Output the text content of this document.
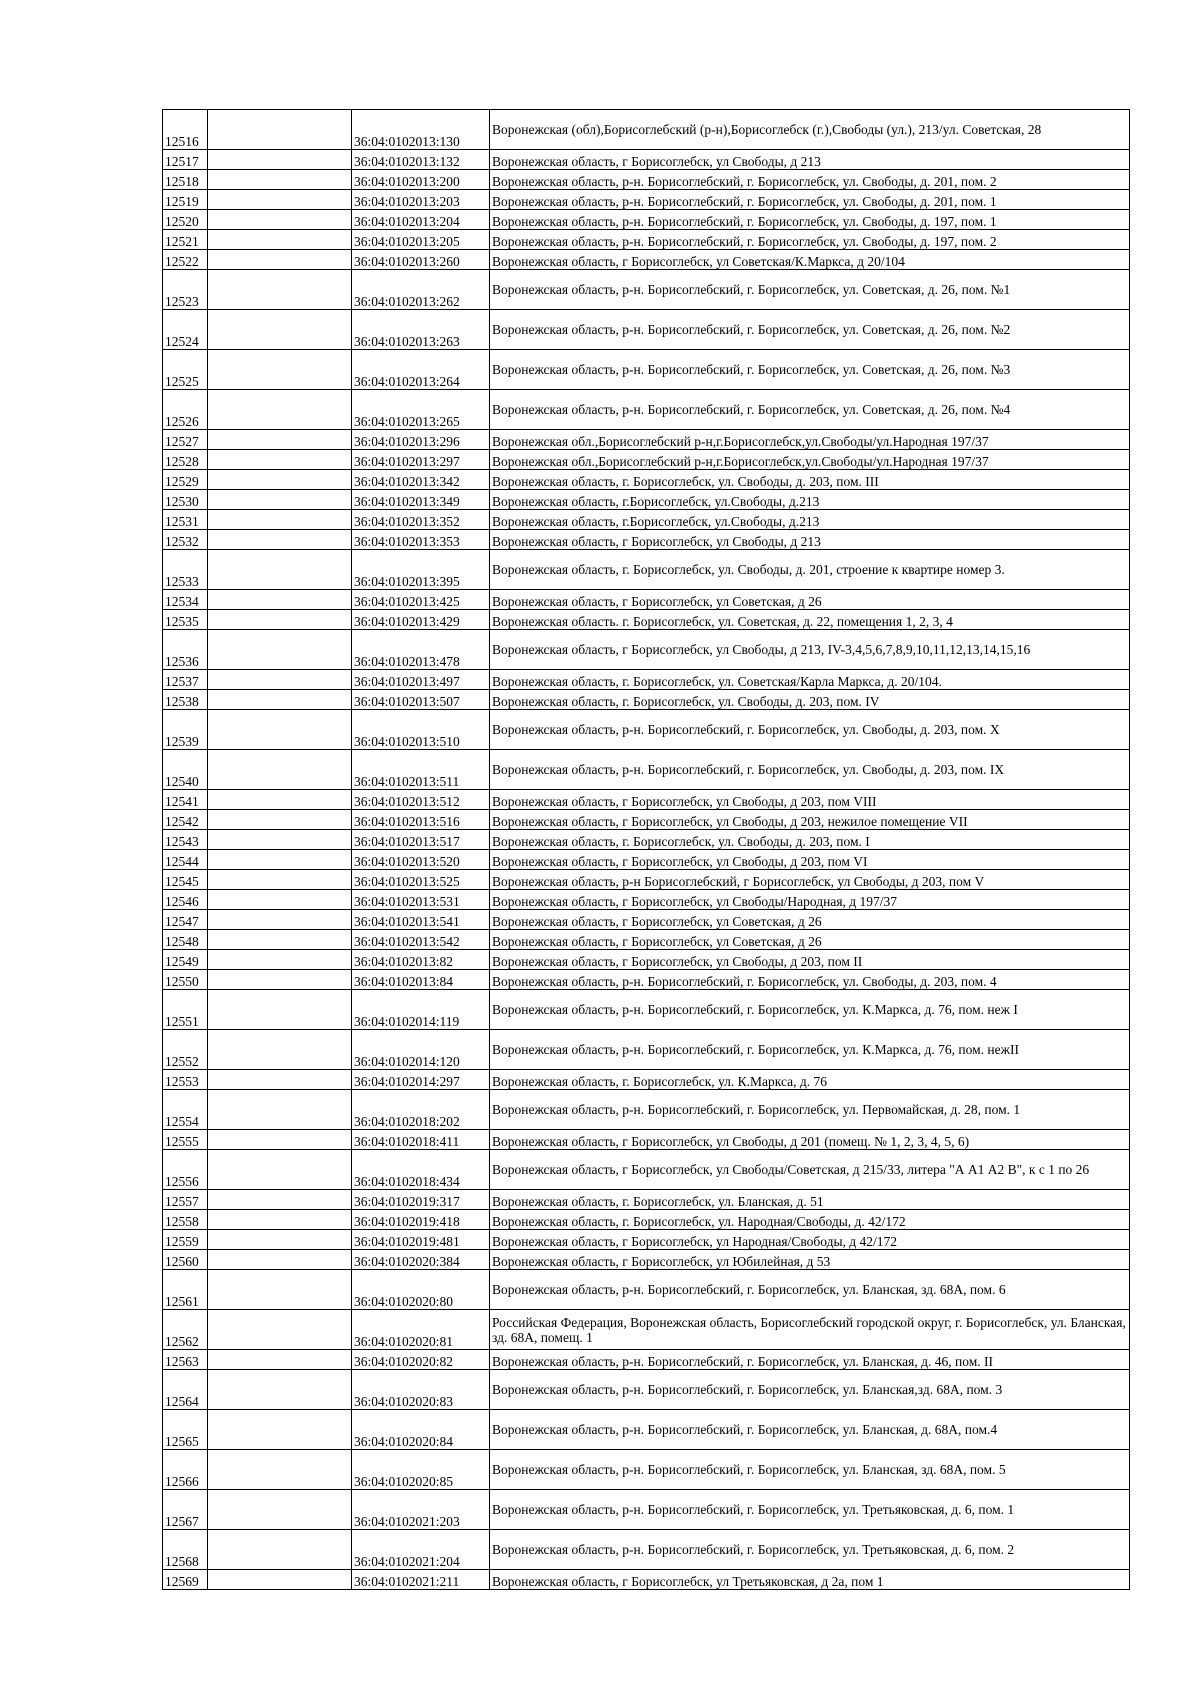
12516		36:04:0102013:130	Воронежская (обл),Борисоглебский (р-н),Борисоглебск (г.),Свободы (ул.), 213/ул. Советская, 28
12517		36:04:0102013:132	Воронежская область, г Борисоглебск, ул Свободы, д 213
12518		36:04:0102013:200	Воронежская область, р-н. Борисоглебский, г. Борисоглебск, ул. Свободы, д. 201, пом. 2
12519		36:04:0102013:203	Воронежская область, р-н. Борисоглебский, г. Борисоглебск, ул. Свободы, д. 201, пом. 1
12520		36:04:0102013:204	Воронежская область, р-н. Борисоглебский, г. Борисоглебск, ул. Свободы, д. 197, пом. 1
12521		36:04:0102013:205	Воронежская область, р-н. Борисоглебский, г. Борисоглебск, ул. Свободы, д. 197, пом. 2
12522		36:04:0102013:260	Воронежская область, г Борисоглебск, ул Советская/К.Маркса, д 20/104
12523		36:04:0102013:262	Воронежская область, р-н. Борисоглебский, г. Борисоглебск, ул. Советская, д. 26, пом. №1
12524		36:04:0102013:263	Воронежская область, р-н. Борисоглебский, г. Борисоглебск, ул. Советская, д. 26, пом. №2
12525		36:04:0102013:264	Воронежская область, р-н. Борисоглебский, г. Борисоглебск, ул. Советская, д. 26, пом. №3
12526		36:04:0102013:265	Воронежская область, р-н. Борисоглебский, г. Борисоглебск, ул. Советская, д. 26, пом. №4
12527		36:04:0102013:296	Воронежская обл.,Борисоглебский р-н,г.Борисоглебск,ул.Свободы/ул.Народная 197/37
12528		36:04:0102013:297	Воронежская обл.,Борисоглебский р-н,г.Борисоглебск,ул.Свободы/ул.Народная 197/37
12529		36:04:0102013:342	Воронежская область, г. Борисоглебск, ул. Свободы, д. 203, пом. III
12530		36:04:0102013:349	Воронежская область, г.Борисоглебск, ул.Свободы, д.213
12531		36:04:0102013:352	Воронежская область, г.Борисоглебск, ул.Свободы, д.213
12532		36:04:0102013:353	Воронежская область, г Борисоглебск, ул Свободы, д 213
12533		36:04:0102013:395	Воронежская область, г. Борисоглебск, ул. Свободы, д. 201, строение к квартире номер 3.
12534		36:04:0102013:425	Воронежская область, г Борисоглебск, ул Советская, д 26
12535		36:04:0102013:429	Воронежская область. г. Борисоглебск, ул. Советская, д. 22, помещения 1, 2, 3, 4
12536		36:04:0102013:478	Воронежская область, г Борисоглебск, ул Свободы, д 213, IV-3,4,5,6,7,8,9,10,11,12,13,14,15,16
12537		36:04:0102013:497	Воронежская область, г. Борисоглебск, ул. Советская/Карла Маркса, д. 20/104.
12538		36:04:0102013:507	Воронежская область, г. Борисоглебск, ул. Свободы, д. 203, пом. IV
12539		36:04:0102013:510	Воронежская область, р-н. Борисоглебский, г. Борисоглебск, ул. Свободы, д. 203, пом. X
12540		36:04:0102013:511	Воронежская область, р-н. Борисоглебский, г. Борисоглебск, ул. Свободы, д. 203, пом. IX
12541		36:04:0102013:512	Воронежская область, г Борисоглебск, ул Свободы, д 203, пом VIII
12542		36:04:0102013:516	Воронежская область, г Борисоглебск, ул Свободы, д 203, нежилое помещение VII
12543		36:04:0102013:517	Воронежская область, г. Борисоглебск, ул. Свободы, д. 203, пом. I
12544		36:04:0102013:520	Воронежская область, г Борисоглебск, ул Свободы, д 203, пом VI
12545		36:04:0102013:525	Воронежская область, р-н Борисоглебский, г Борисоглебск, ул Свободы, д 203, пом V
12546		36:04:0102013:531	Воронежская область, г Борисоглебск, ул Свободы/Народная, д 197/37
12547		36:04:0102013:541	Воронежская область, г Борисоглебск, ул Советская, д 26
12548		36:04:0102013:542	Воронежская область, г Борисоглебск, ул Советская, д 26
12549		36:04:0102013:82	Воронежская область, г Борисоглебск, ул Свободы, д 203, пом II
12550		36:04:0102013:84	Воронежская область, р-н. Борисоглебский, г. Борисоглебск, ул. Свободы, д. 203, пом. 4
12551		36:04:0102014:119	Воронежская область, р-н. Борисоглебский, г. Борисоглебск, ул. К.Маркса, д. 76, пом. неж I
12552		36:04:0102014:120	Воронежская область, р-н. Борисоглебский, г. Борисоглебск, ул. К.Маркса, д. 76, пом. нежII
12553		36:04:0102014:297	Воронежская область, г. Борисоглебск, ул. К.Маркса, д. 76
12554		36:04:0102018:202	Воронежская область, р-н. Борисоглебский, г. Борисоглебск, ул. Первомайская, д. 28, пом. 1
12555		36:04:0102018:411	Воронежская область, г Борисоглебск, ул Свободы, д 201 (помещ. № 1, 2, 3, 4, 5, 6)
12556		36:04:0102018:434	Воронежская область, г Борисоглебск, ул Свободы/Советская, д 215/33, литера "А А1 А2 В", к с 1 по 26
12557		36:04:0102019:317	Воронежская область, г. Борисоглебск, ул. Бланская, д. 51
12558		36:04:0102019:418	Воронежская область, г. Борисоглебск, ул. Народная/Свободы, д. 42/172
12559		36:04:0102019:481	Воронежская область, г Борисоглебск, ул Народная/Свободы, д 42/172
12560		36:04:0102020:384	Воронежская область, г Борисоглебск, ул Юбилейная, д 53
12561		36:04:0102020:80	Воронежская область, р-н. Борисоглебский, г. Борисоглебск, ул. Бланская, зд. 68А, пом. 6
12562		36:04:0102020:81	Российская Федерация, Воронежская область, Борисоглебский городской округ, г. Борисоглебск, ул. Бланская, зд. 68А, помещ. 1
12563		36:04:0102020:82	Воронежская область, р-н. Борисоглебский, г. Борисоглебск, ул. Бланская, д. 46, пом. II
12564		36:04:0102020:83	Воронежская область, р-н. Борисоглебский, г. Борисоглебск, ул. Бланская,зд. 68А, пом. 3
12565		36:04:0102020:84	Воронежская область, р-н. Борисоглебский, г. Борисоглебск, ул. Бланская, д. 68А, пом.4
12566		36:04:0102020:85	Воронежская область, р-н. Борисоглебский, г. Борисоглебск, ул. Бланская, зд. 68А, пом. 5
12567		36:04:0102021:203	Воронежская область, р-н. Борисоглебский, г. Борисоглебск, ул. Третьяковская, д. 6, пом. 1
12568		36:04:0102021:204	Воронежская область, р-н. Борисоглебский, г. Борисоглебск, ул. Третьяковская, д. 6, пом. 2
12569		36:04:0102021:211	Воронежская область, г Борисоглебск, ул Третьяковская, д 2а, пом 1
